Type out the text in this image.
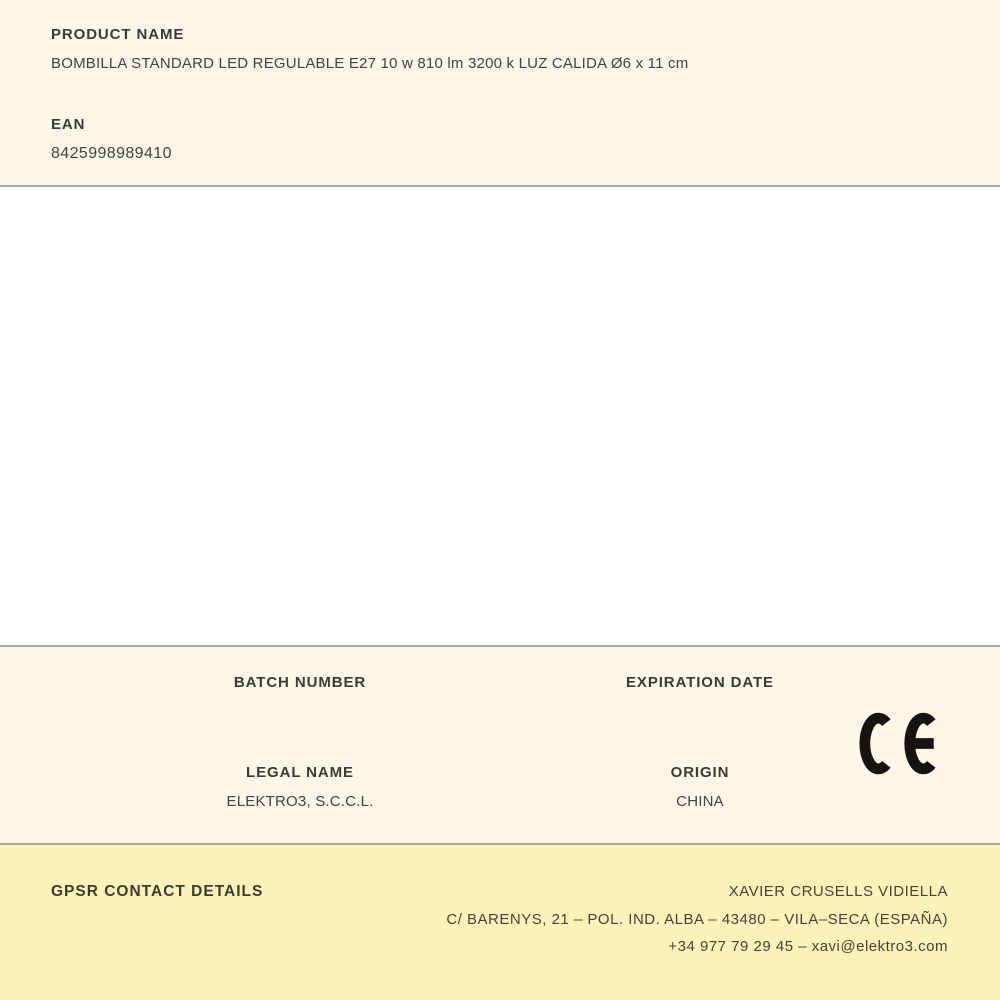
PRODUCT NAME

BOMBILLA STANDARD LED REGULABLE E27 10 w 810 lm 3200 k LUZ CALIDA Ø6 x 11 cm

EAN

8425998989410

BATCH NUMBER

LEGAL NAME

ELEKTRO3, S.C.C.L.

EXPIRATION DATE

ORIGIN

CHINA

GPSR CONTACT DETAILS	XAVIER CRUSELLS VIDIELLA

C/ BARENYS, 21 – POL. IND. ALBA – 43480 – VILA–SECA (ESPAÑA)

+34 977 79 29 45 – xavi@elektro3.com
